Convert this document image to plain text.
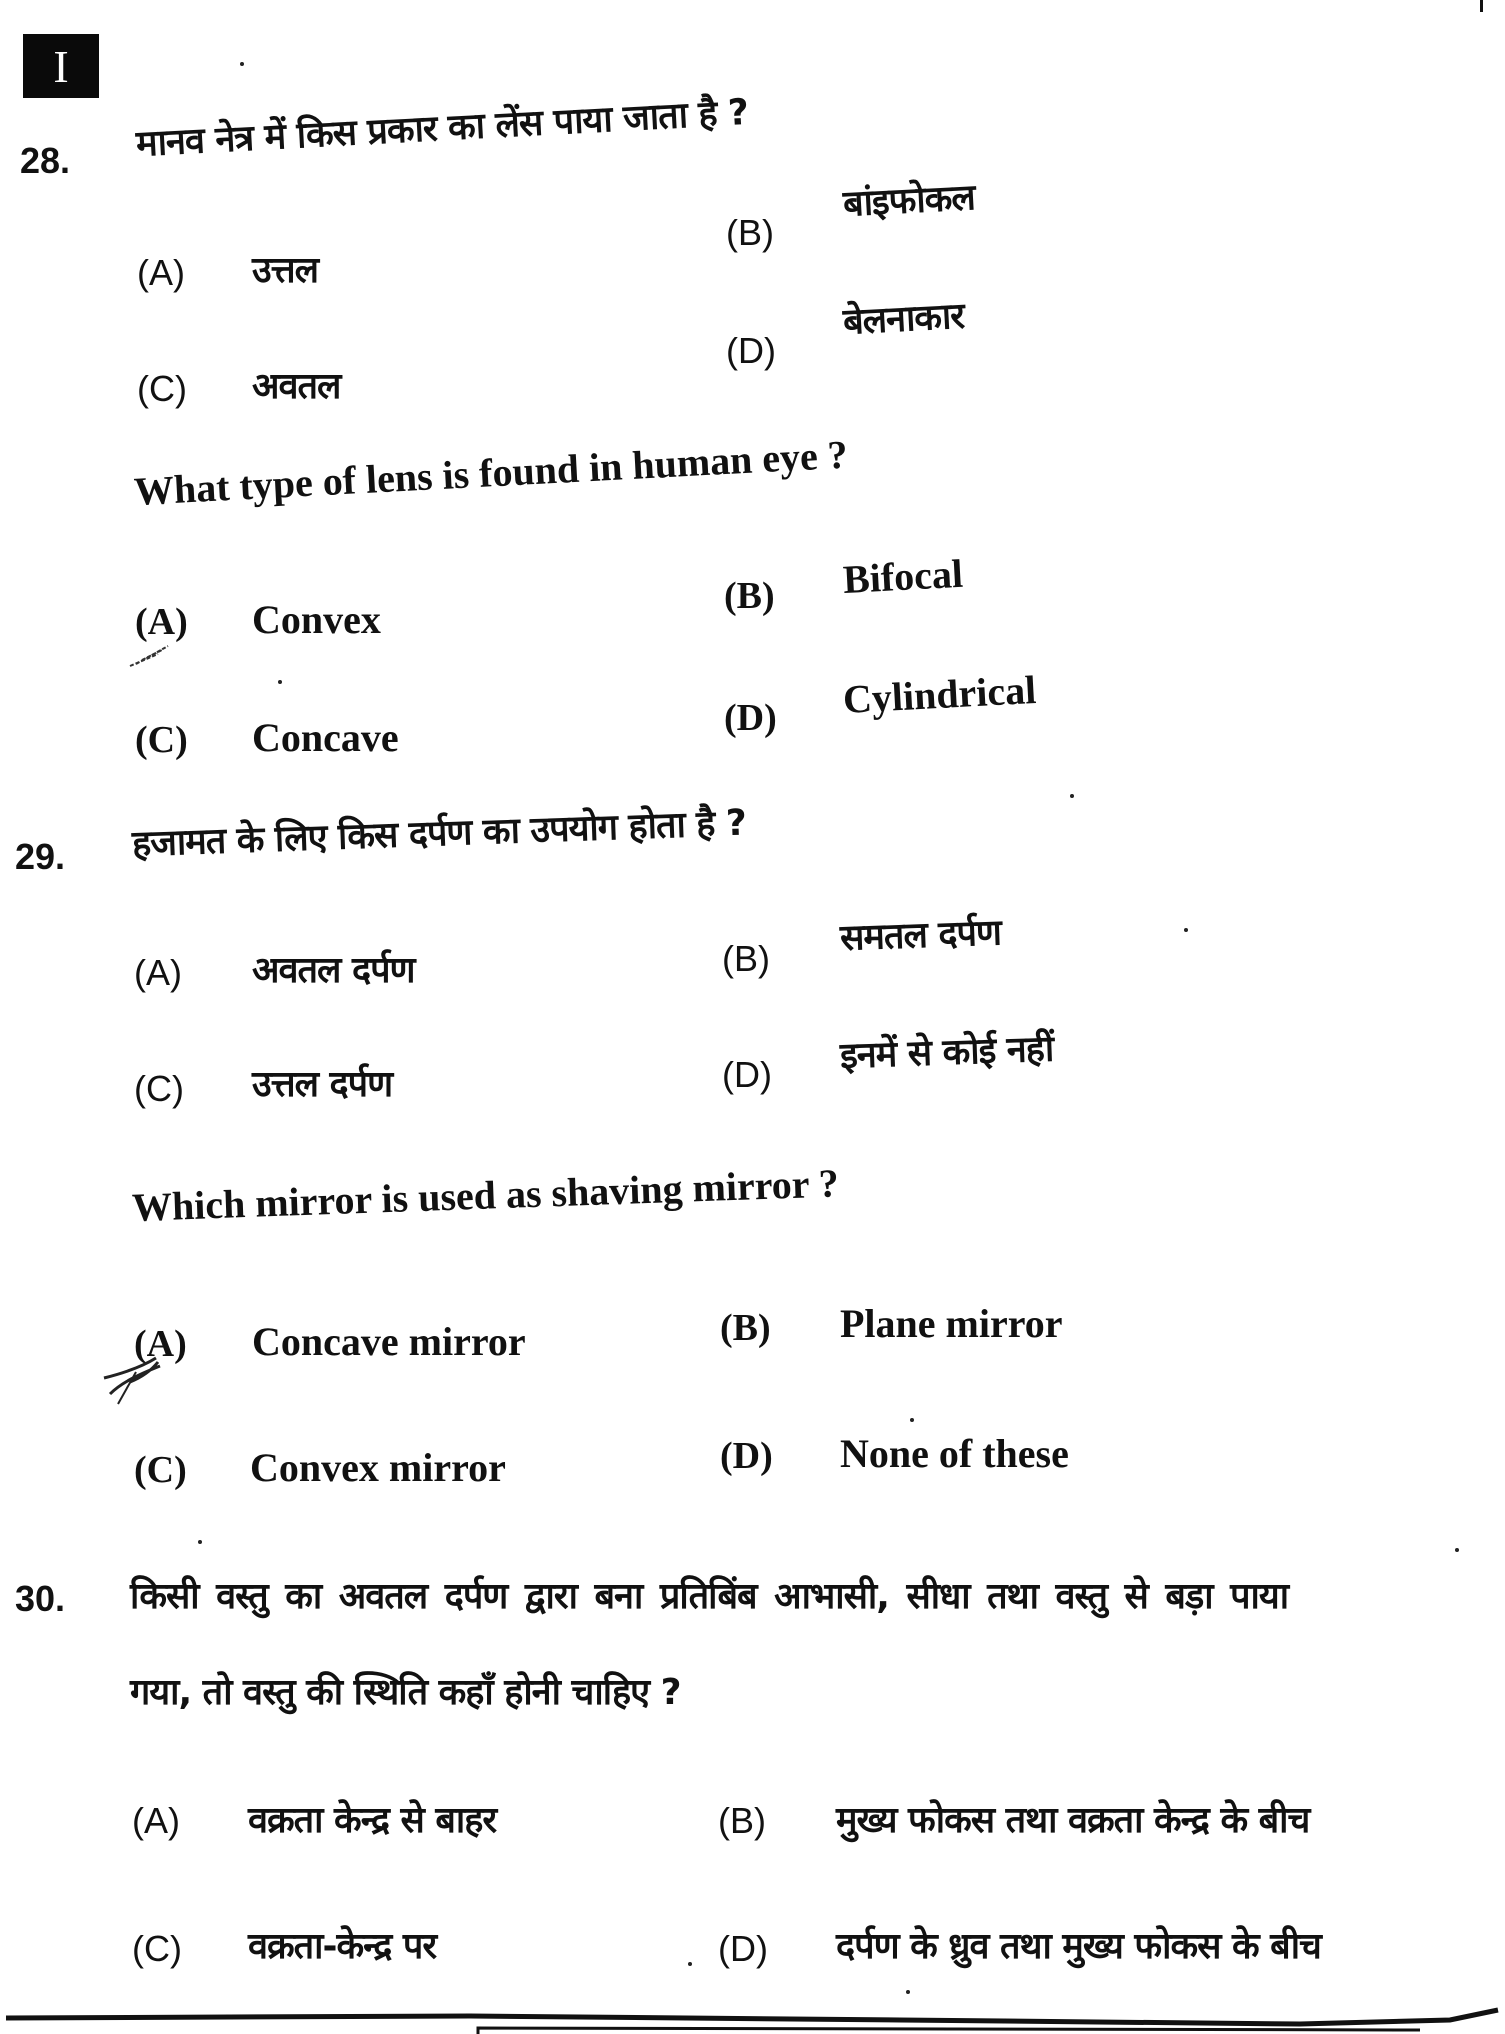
I
28. मानव नेत्र में किस प्रकार का लेंस पाया जाता है ?
(A) उत्तल
(B)
बांइफोकल
(C) अवतल
(D)
बेलनाकार
What type of lens is found in human eye ?
(A) Convex
(B) Bifocal
(C) Concave	(D) Cylindrical
29. हजामत के लिए किस दर्पण का उपयोग होता है ?
(A) अवतल दर्पण	(B) समतल दर्पण
(C) उत्तल दर्पण	(D) इनमें से कोई नहीं
Which mirror is used as shaving mirror ?
(A) Concave mirror	(B) Plane mirror
(C) Convex mirror	(D) None of these
30. किसी वस्तु का अवतल दर्पण द्वारा बना प्रतिबिंब आभासी, सीधा तथा वस्तु से बड़ा पाया
गया, तो वस्तु की स्थिति कहाँ होनी चाहिए ?
(A) वक्रता केन्द्र से बाहर	(B) मुख्य फोकस तथा वक्रता केन्द्र के बीच
(C) वक्रता-केन्द्र पर	(D) दर्पण के ध्रुव तथा मुख्य फोकस के बीच
